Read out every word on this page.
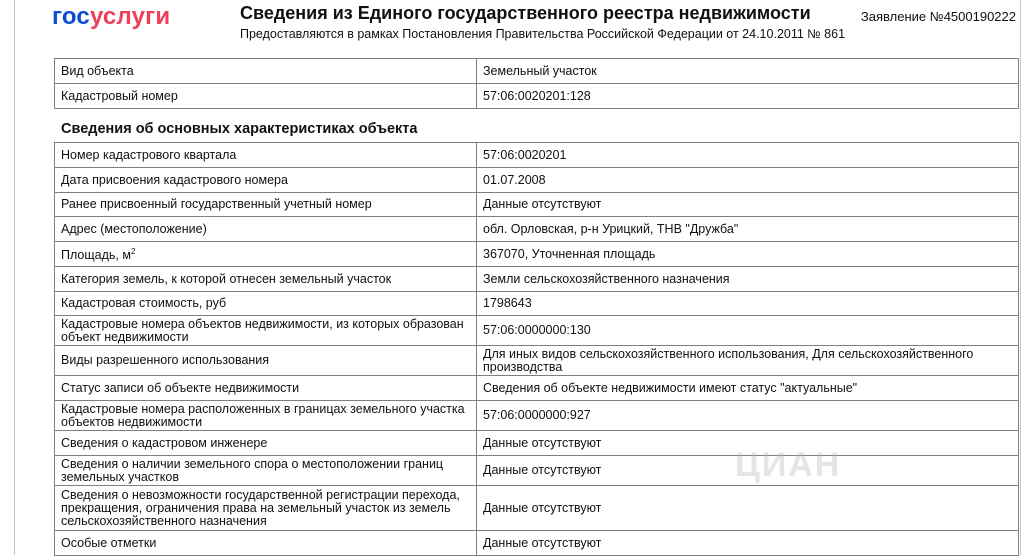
госуслуги	Сведения из Единого государственного реестра недвижимости
Предоставляются в рамках Постановления Правительства Российской Федерации от 24.10.2011 № 861
Заявление №4500190222
Вид объекта	Земельный участок
Кадастровый номер	57:06:0020201:128
Сведения об основных характеристиках объекта
Номер кадастрового квартала	57:06:0020201
Дата присвоения кадастрового номера	01.07.2008
Ранее присвоенный государственный учетный номер	Данные отсутствуют
Адрес (местоположение)	обл. Орловская, р-н Урицкий, ТНВ "Дружба"
Площадь, $м^2$	367070, Уточненная площадь
Категория земель, к которой отнесен земельный участок	Земли сельскохозяйственного назначения
Кадастровая стоимость, руб	1798643
Кадастровые номера объектов недвижимости, из которых образован объект недвижимости	57:06:0000000:130
Виды разрешенного использования	Для иных видов сельскохозяйственного использования, Для сельскохозяйственного производства
Статус записи об объекте недвижимости	Сведения об объекте недвижимости имеют статус "актуальные"
Кадастровые номера расположенных в границах земельного участка объектов недвижимости	57:06:0000000:927
Сведения о кадастровом инженере	Данные отсутствуют
Сведения о наличии земельного спора о местоположении границ земельных участков	Данные отсутствуют
Сведения о невозможности государственной регистрации перехода, прекращения, ограничения права на земельный участок из земель сельскохозяйственного назначения	Данные отсутствуют
Особые отметки	Данные отсутствуют
ЦИАН
